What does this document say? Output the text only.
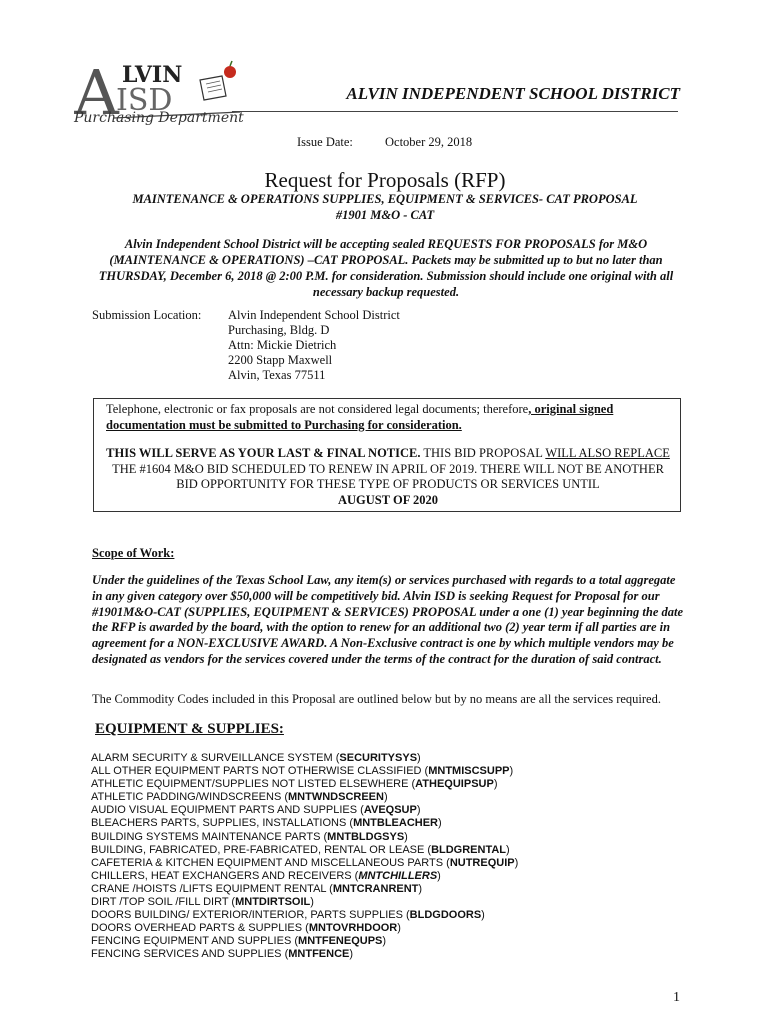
A LVIN
ISD
Purchasing Department
ALVIN INDEPENDENT SCHOOL DISTRICT
Issue Date:	October 29, 2018
Request for Proposals (RFP)
MAINTENANCE & OPERATIONS SUPPLIES, EQUIPMENT & SERVICES- CAT PROPOSAL
#1901 M&O - CAT
Alvin Independent School District will be accepting sealed REQUESTS FOR PROPOSALS for M&O (MAINTENANCE & OPERATIONS) –CAT PROPOSAL. Packets may be submitted up to but no later than THURSDAY, December 6, 2018 @ 2:00 P.M. for consideration. Submission should include one original with all necessary backup requested.
Submission Location: Alvin Independent School District
Purchasing, Bldg. D
Attn: Mickie Dietrich
2200 Stapp Maxwell
Alvin, Texas 77511
Telephone, electronic or fax proposals are not considered legal documents; therefore, original signed documentation must be submitted to Purchasing for consideration.
THIS WILL SERVE AS YOUR LAST & FINAL NOTICE. THIS BID PROPOSAL WILL ALSO REPLACE THE #1604 M&O BID SCHEDULED TO RENEW IN APRIL OF 2019. THERE WILL NOT BE ANOTHER BID OPPORTUNITY FOR THESE TYPE OF PRODUCTS OR SERVICES UNTIL
AUGUST OF 2020
Scope of Work:
Under the guidelines of the Texas School Law, any item(s) or services purchased with regards to a total aggregate in any given category over $50,000 will be competitively bid. Alvin ISD is seeking Request for Proposal for our #1901M&O-CAT (SUPPLIES, EQUIPMENT & SERVICES) PROPOSAL under a one (1) year beginning the date the RFP is awarded by the board, with the option to renew for an additional two (2) year term if all parties are in agreement for a NON-EXCLUSIVE AWARD. A Non-Exclusive contract is one by which multiple vendors may be designated as vendors for the services covered under the terms of the contract for the duration of said contract.
The Commodity Codes included in this Proposal are outlined below but by no means are all the services required.
EQUIPMENT & SUPPLIES:
ALARM SECURITY & SURVEILLANCE SYSTEM (SECURITYSYS)
ALL OTHER EQUIPMENT PARTS NOT OTHERWISE CLASSIFIED (MNTMISCSUPP)
ATHLETIC EQUIPMENT/SUPPLIES NOT LISTED ELSEWHERE (ATHEQUIPSUP)
ATHLETIC PADDING/WINDSCREENS (MNTWNDSCREEN)
AUDIO VISUAL EQUIPMENT PARTS AND SUPPLIES (AVEQSUP)
BLEACHERS PARTS, SUPPLIES, INSTALLATIONS (MNTBLEACHER)
BUILDING SYSTEMS MAINTENANCE PARTS (MNTBLDGSYS)
BUILDING, FABRICATED, PRE-FABRICATED, RENTAL OR LEASE (BLDGRENTAL)
CAFETERIA & KITCHEN EQUIPMENT AND MISCELLANEOUS PARTS (NUTREQUIP)
CHILLERS, HEAT EXCHANGERS AND RECEIVERS (MNTCHILLERS)
CRANE /HOISTS /LIFTS EQUIPMENT RENTAL (MNTCRANRENT)
DIRT /TOP SOIL /FILL DIRT (MNTDIRTSOIL)
DOORS BUILDING/ EXTERIOR/INTERIOR, PARTS SUPPLIES (BLDGDOORS)
DOORS OVERHEAD PARTS & SUPPLIES (MNTOVRHDOOR)
FENCING EQUIPMENT AND SUPPLIES (MNTFENEQUPS)
FENCING SERVICES AND SUPPLIES (MNTFENCE)
1
